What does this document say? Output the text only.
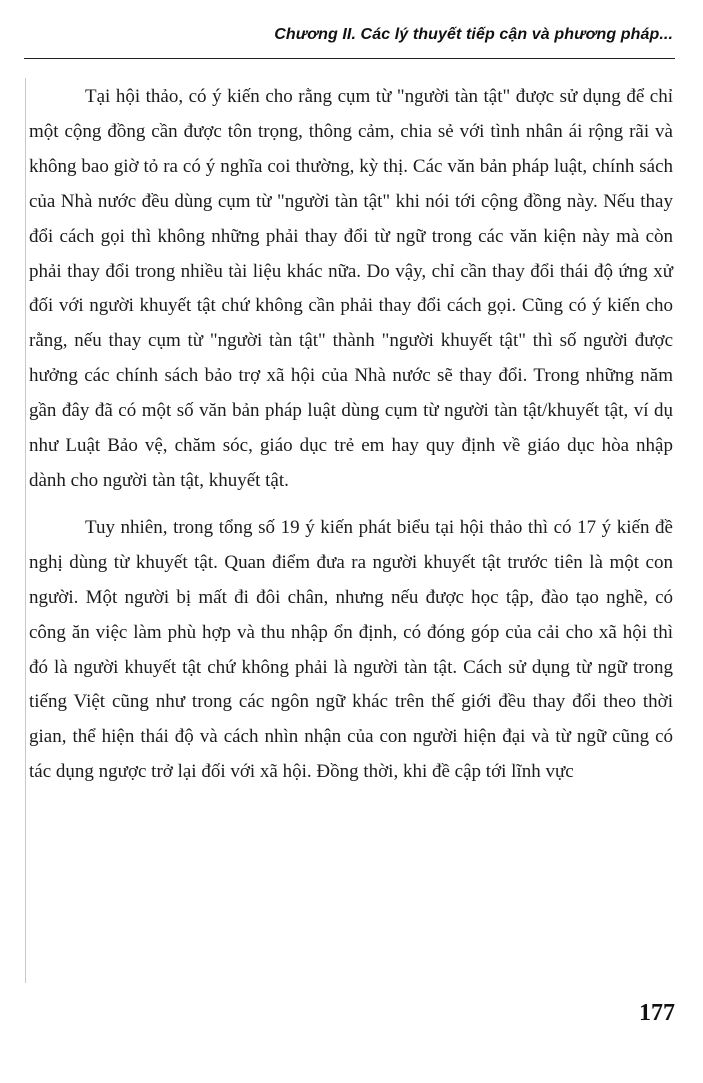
Chương II. Các lý thuyết tiếp cận và phương pháp...

Tại hội thảo, có ý kiến cho rằng cụm từ "người tàn tật" được sử dụng để chỉ một cộng đồng cần được tôn trọng, thông cảm, chia sẻ với tình nhân ái rộng rãi và không bao giờ tỏ ra có ý nghĩa coi thường, kỳ thị. Các văn bản pháp luật, chính sách của Nhà nước đều dùng cụm từ "người tàn tật" khi nói tới cộng đồng này. Nếu thay đổi cách gọi thì không những phải thay đổi từ ngữ trong các văn kiện này mà còn phải thay đổi trong nhiều tài liệu khác nữa. Do vậy, chỉ cần thay đổi thái độ ứng xử đối với người khuyết tật chứ không cần phải thay đổi cách gọi. Cũng có ý kiến cho rằng, nếu thay cụm từ "người tàn tật" thành "người khuyết tật" thì số người được hưởng các chính sách bảo trợ xã hội của Nhà nước sẽ thay đổi. Trong những năm gần đây đã có một số văn bản pháp luật dùng cụm từ người tàn tật/khuyết tật, ví dụ như Luật Bảo vệ, chăm sóc, giáo dục trẻ em hay quy định về giáo dục hòa nhập dành cho người tàn tật, khuyết tật.

Tuy nhiên, trong tổng số 19 ý kiến phát biểu tại hội thảo thì có 17 ý kiến đề nghị dùng từ khuyết tật. Quan điểm đưa ra người khuyết tật trước tiên là một con người. Một người bị mất đi đôi chân, nhưng nếu được học tập, đào tạo nghề, có công ăn việc làm phù hợp và thu nhập ổn định, có đóng góp của cải cho xã hội thì đó là người khuyết tật chứ không phải là người tàn tật. Cách sử dụng từ ngữ trong tiếng Việt cũng như trong các ngôn ngữ khác trên thế giới đều thay đổi theo thời gian, thể hiện thái độ và cách nhìn nhận của con người hiện đại và từ ngữ cũng có tác dụng ngược trở lại đối với xã hội. Đồng thời, khi đề cập tới lĩnh vực

177
